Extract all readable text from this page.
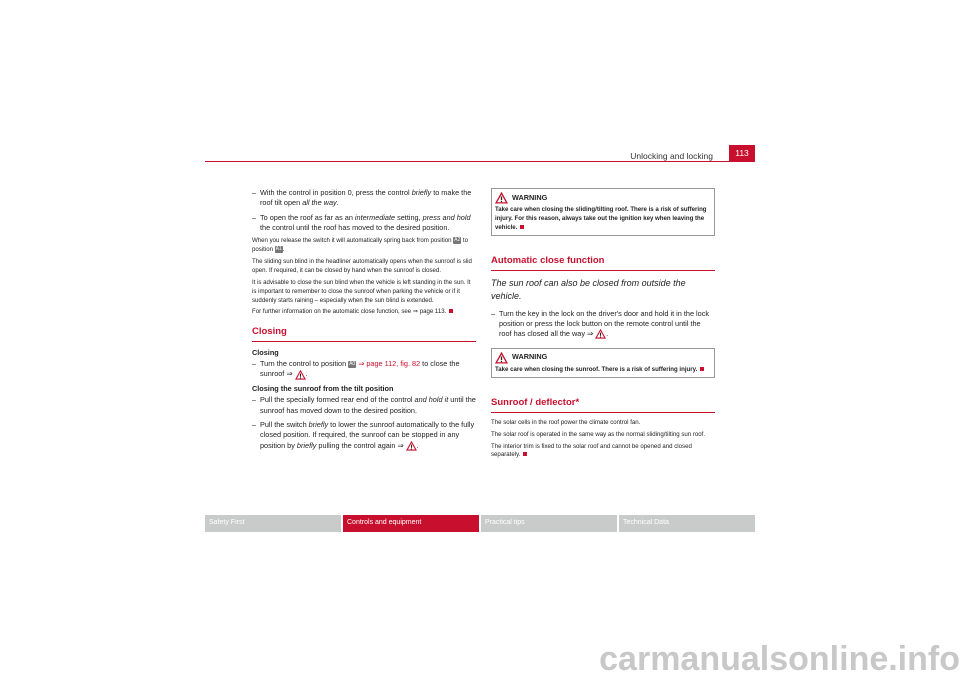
Unlocking and locking	113

– With the control in position 0, press the control briefly to make the roof tilt open all the way.

– To open the roof as far as an intermediate setting, press and hold the control until the roof has moved to the desired position.

When you release the switch it will automatically spring back from position A2 to position A1.

The sliding sun blind in the headliner automatically opens when the sunroof is slid open. If required, it can be closed by hand when the sunroof is closed.

It is advisable to close the sun blind when the vehicle is left standing in the sun. It is important to remember to close the sunroof when parking the vehicle or if it suddenly starts raining – especially when the sun blind is extended.

For further information on the automatic close function, see ⇒ page 113.

Closing
Closing

– Turn the control to position A0 ⇒ page 112, fig. 82 to close the sunroof ⇒ .

Closing the sunroof from the tilt position

– Pull the specially formed rear end of the control and hold it until the sunroof has moved down to the desired position.

– Pull the switch briefly to lower the sunroof automatically to the fully closed position. If required, the sunroof can be stopped in any position by briefly pulling the control again ⇒ .

WARNING
Take care when closing the sliding/tilting roof. There is a risk of suffering injury. For this reason, always take out the ignition key when leaving the vehicle.
Automatic close function
The sun roof can also be closed from outside the vehicle.

– Turn the key in the lock on the driver's door and hold it in the lock position or press the lock button on the remote control until the roof has closed all the way ⇒ .

WARNING
Take care when closing the sunroof. There is a risk of suffering injury.
Sunroof / deflector*

The solar cells in the roof power the climate control fan.

The solar roof is operated in the same way as the normal sliding/tilting sun roof.

The interior trim is fixed to the solar roof and cannot be opened and closed separately.

Safety First	Controls and equipment	Practical tips	Technical Data
carmanualsonline.info
